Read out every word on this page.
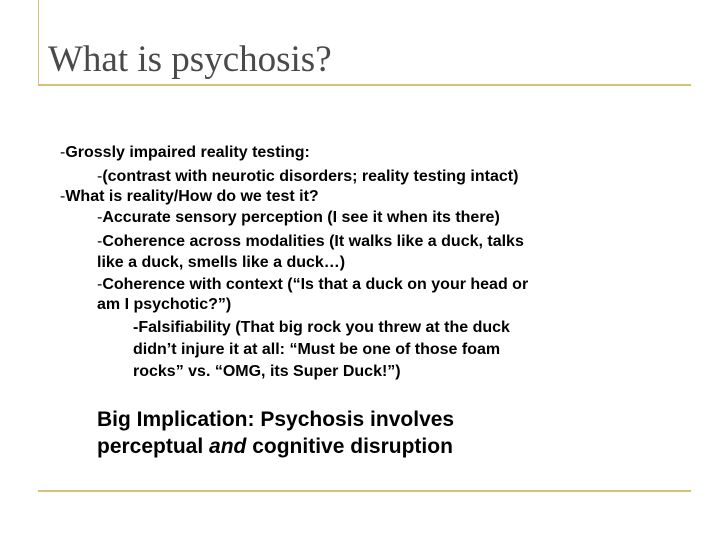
What is psychosis?
-Grossly impaired reality testing:
-(contrast with neurotic disorders; reality testing intact)
-What is reality/How do we test it?
-Accurate sensory perception (I see it when its there)
-Coherence across modalities (It walks like a duck, talks
like a duck, smells like a duck…)
-Coherence with context (“Is that a duck on your head or
am I psychotic?”)
-Falsifiability (That big rock you threw at the duck
didn’t injure it at all: “Must be one of those foam
rocks” vs. “OMG, its Super Duck!”)
Big Implication: Psychosis involves
perceptual and cognitive disruption
